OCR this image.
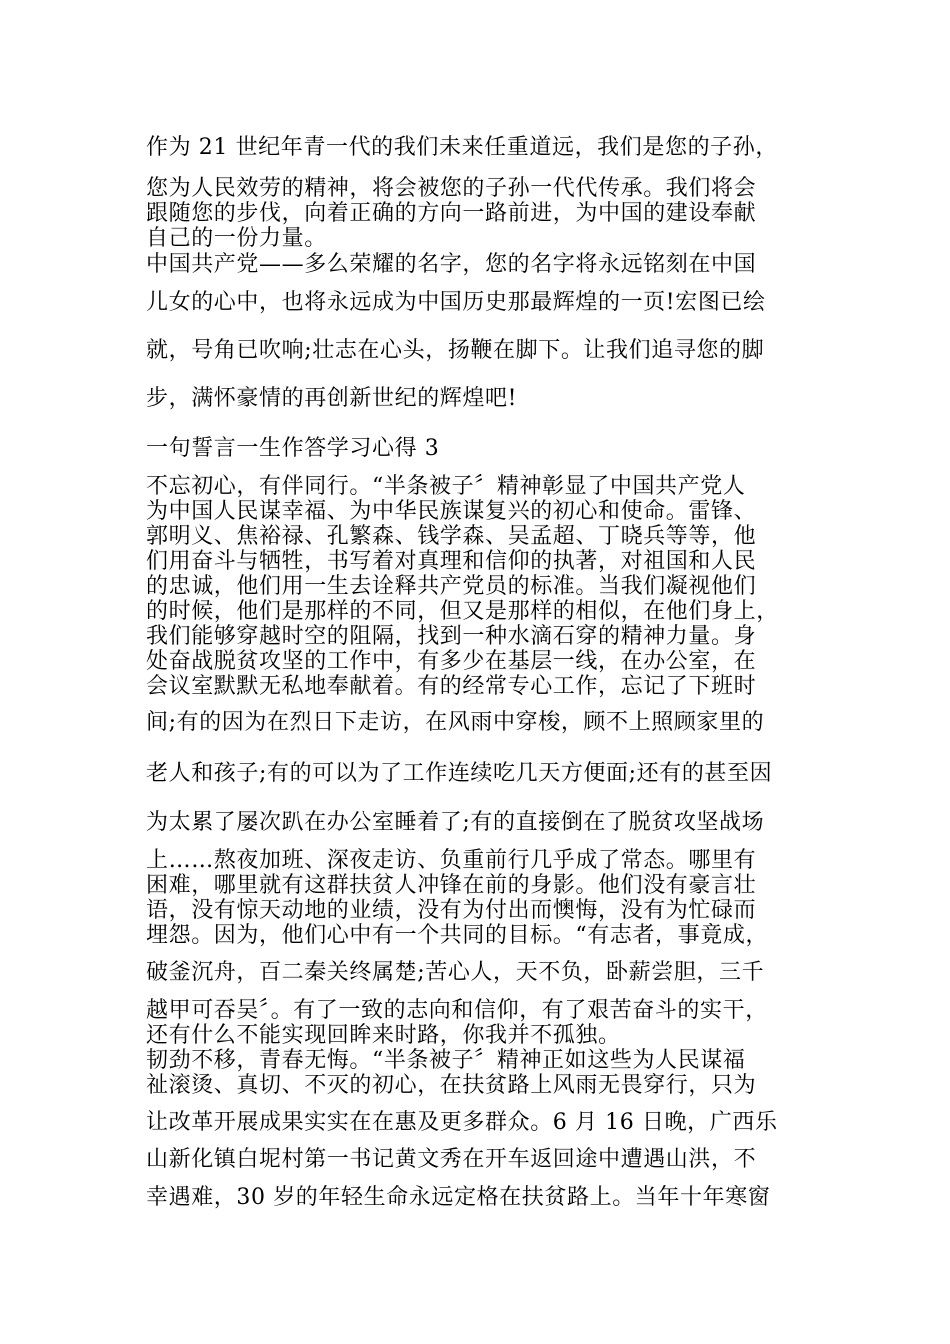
作为 21 世纪年青一代的我们未来任重道远，我们是您的子孙，
您为人民效劳的精神，将会被您的子孙一代代传承。我们将会
跟随您的步伐，向着正确的方向一路前进，为中国的建设奉献
自己的一份力量。
中国共产党——多么荣耀的名字，您的名字将永远铭刻在中国
儿女的心中，也将永远成为中国历史那最辉煌的一页!宏图已绘
就，号角已吹响;壮志在心头，扬鞭在脚下。让我们追寻您的脚
步，满怀豪情的再创新世纪的辉煌吧!
一句誓言一生作答学习心得 3
不忘初心，有伴同行。“半条被子〞精神彰显了中国共产党人
为中国人民谋幸福、为中华民族谋复兴的初心和使命。雷锋、
郭明义、焦裕禄、孔繁森、钱学森、吴孟超、丁晓兵等等，他
们用奋斗与牺牲，书写着对真理和信仰的执著，对祖国和人民
的忠诚，他们用一生去诠释共产党员的标准。当我们凝视他们
的时候，他们是那样的不同，但又是那样的相似，在他们身上，
我们能够穿越时空的阻隔，找到一种水滴石穿的精神力量。身
处奋战脱贫攻坚的工作中，有多少在基层一线，在办公室，在
会议室默默无私地奉献着。有的经常专心工作，忘记了下班时
间;有的因为在烈日下走访，在风雨中穿梭，顾不上照顾家里的
老人和孩子;有的可以为了工作连续吃几天方便面;还有的甚至因
为太累了屡次趴在办公室睡着了;有的直接倒在了脱贫攻坚战场
上……熬夜加班、深夜走访、负重前行几乎成了常态。哪里有
困难，哪里就有这群扶贫人冲锋在前的身影。他们没有豪言壮
语，没有惊天动地的业绩，没有为付出而懊悔，没有为忙碌而
埋怨。因为，他们心中有一个共同的目标。“有志者，事竟成，
破釜沉舟，百二秦关终属楚;苦心人，天不负，卧薪尝胆，三千
越甲可吞吴〞。有了一致的志向和信仰，有了艰苦奋斗的实干，
还有什么不能实现回眸来时路，你我并不孤独。
韧劲不移，青春无悔。“半条被子〞精神正如这些为人民谋福
祉滚烫、真切、不灭的初心，在扶贫路上风雨无畏穿行，只为
让改革开展成果实实在在惠及更多群众。6 月 16 日晚，广西乐
山新化镇白坭村第一书记黄文秀在开车返回途中遭遇山洪，不
幸遇难，30 岁的年轻生命永远定格在扶贫路上。当年十年寒窗
